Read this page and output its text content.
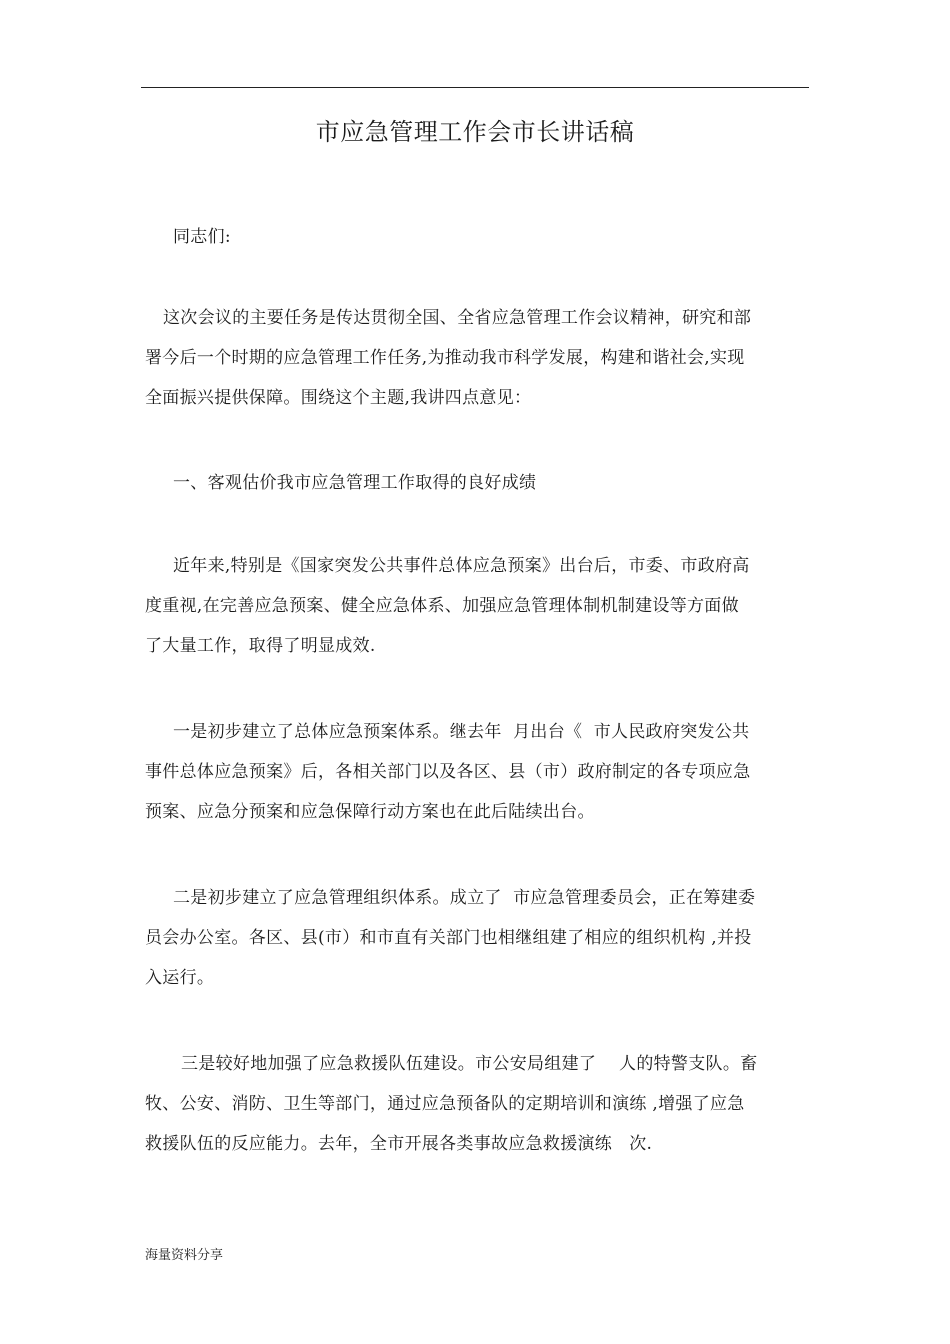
市应急管理工作会市长讲话稿

同志们:

这次会议的主要任务是传达贯彻全国、全省应急管理工作会议精神，研究和部
署今后一个时期的应急管理工作任务,为推动我市科学发展，构建和谐社会,实现
全面振兴提供保障。围绕这个主题,我讲四点意见：

一、客观估价我市应急管理工作取得的良好成绩

近年来,特别是《国家突发公共事件总体应急预案》出台后，市委、市政府高
度重视,在完善应急预案、健全应急体系、加强应急管理体制机制建设等方面做
了大量工作，取得了明显成效.

一是初步建立了总体应急预案体系。继去年  月出台《  市人民政府突发公共
事件总体应急预案》后，各相关部门以及各区、县（市）政府制定的各专项应急
预案、应急分预案和应急保障行动方案也在此后陆续出台。

二是初步建立了应急管理组织体系。成立了  市应急管理委员会，正在筹建委
员会办公室。各区、县(市）和市直有关部门也相继组建了相应的组织机构 ,并投
入运行。

三是较好地加强了应急救援队伍建设。市公安局组建了    人的特警支队。畜
牧、公安、消防、卫生等部门，通过应急预备队的定期培训和演练 ,增强了应急
救援队伍的反应能力。去年，全市开展各类事故应急救援演练   次.

海量资料分享
